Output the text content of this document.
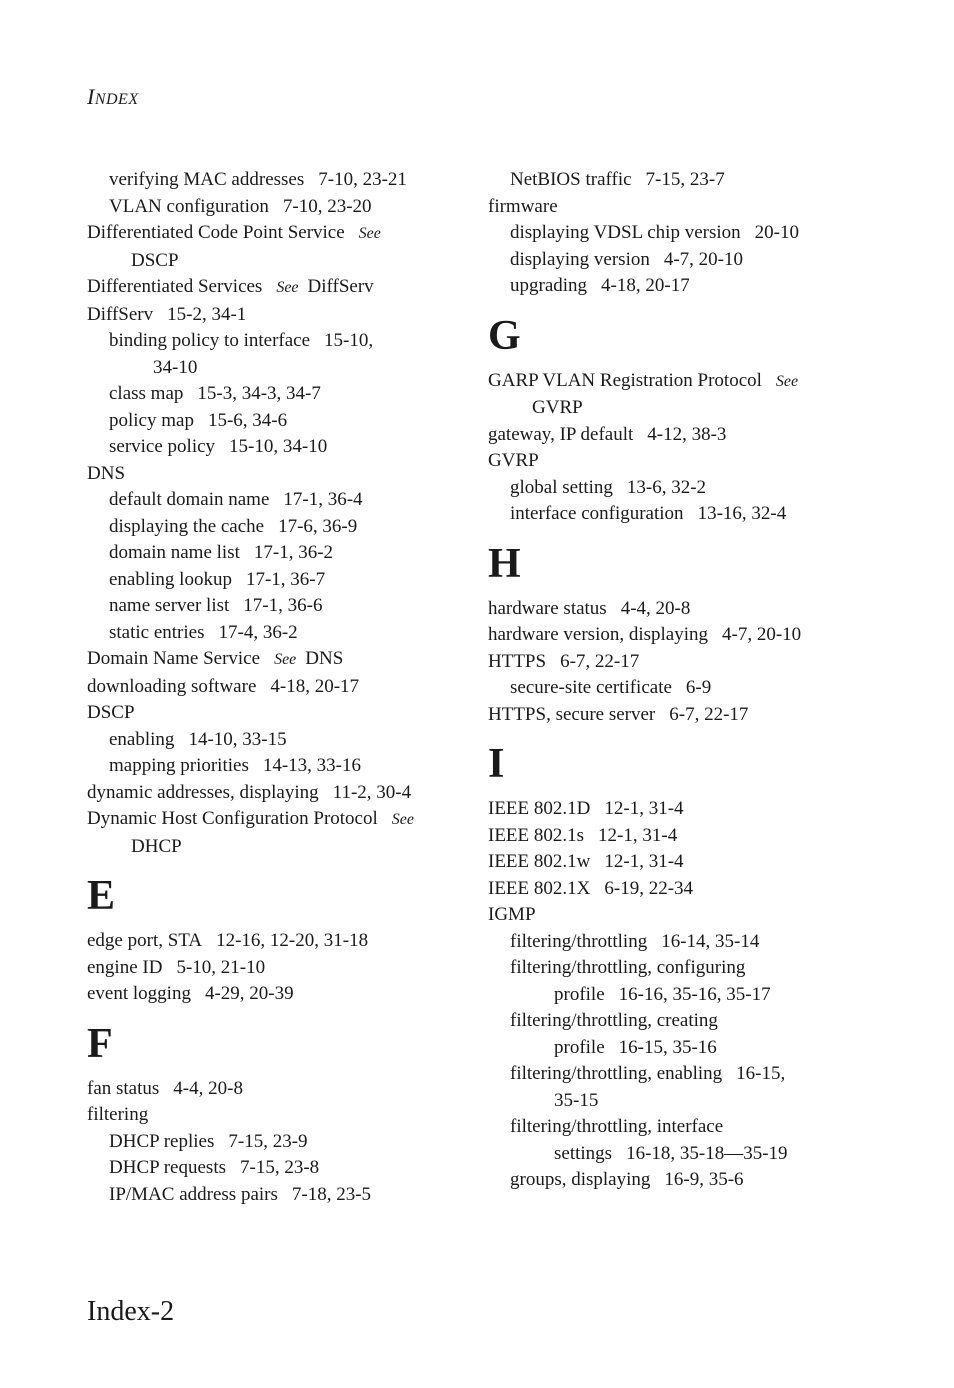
INDEX
verifying MAC addresses 7-10, 23-21
VLAN configuration 7-10, 23-20
Differentiated Code Point Service See
DSCP
Differentiated Services See DiffServ
DiffServ 15-2, 34-1
binding policy to interface 15-10,
34-10
class map 15-3, 34-3, 34-7
policy map 15-6, 34-6
service policy 15-10, 34-10
DNS
default domain name 17-1, 36-4
displaying the cache 17-6, 36-9
domain name list 17-1, 36-2
enabling lookup 17-1, 36-7
name server list 17-1, 36-6
static entries 17-4, 36-2
Domain Name Service See DNS
downloading software 4-18, 20-17
DSCP
enabling 14-10, 33-15
mapping priorities 14-13, 33-16
dynamic addresses, displaying 11-2, 30-4
Dynamic Host Configuration Protocol See
DHCP
E
edge port, STA 12-16, 12-20, 31-18
engine ID 5-10, 21-10
event logging 4-29, 20-39
F
fan status 4-4, 20-8
filtering
DHCP replies 7-15, 23-9
DHCP requests 7-15, 23-8
IP/MAC address pairs 7-18, 23-5
NetBIOS traffic 7-15, 23-7
firmware
displaying VDSL chip version 20-10
displaying version 4-7, 20-10
upgrading 4-18, 20-17
G
GARP VLAN Registration Protocol See
GVRP
gateway, IP default 4-12, 38-3
GVRP
global setting 13-6, 32-2
interface configuration 13-16, 32-4
H
hardware status 4-4, 20-8
hardware version, displaying 4-7, 20-10
HTTPS 6-7, 22-17
secure-site certificate 6-9
HTTPS, secure server 6-7, 22-17
I
IEEE 802.1D 12-1, 31-4
IEEE 802.1s 12-1, 31-4
IEEE 802.1w 12-1, 31-4
IEEE 802.1X 6-19, 22-34
IGMP
filtering/throttling 16-14, 35-14
filtering/throttling, configuring
profile 16-16, 35-16, 35-17
filtering/throttling, creating
profile 16-15, 35-16
filtering/throttling, enabling 16-15,
35-15
filtering/throttling, interface
settings 16-18, 35-18—35-19
groups, displaying 16-9, 35-6
Index-2
